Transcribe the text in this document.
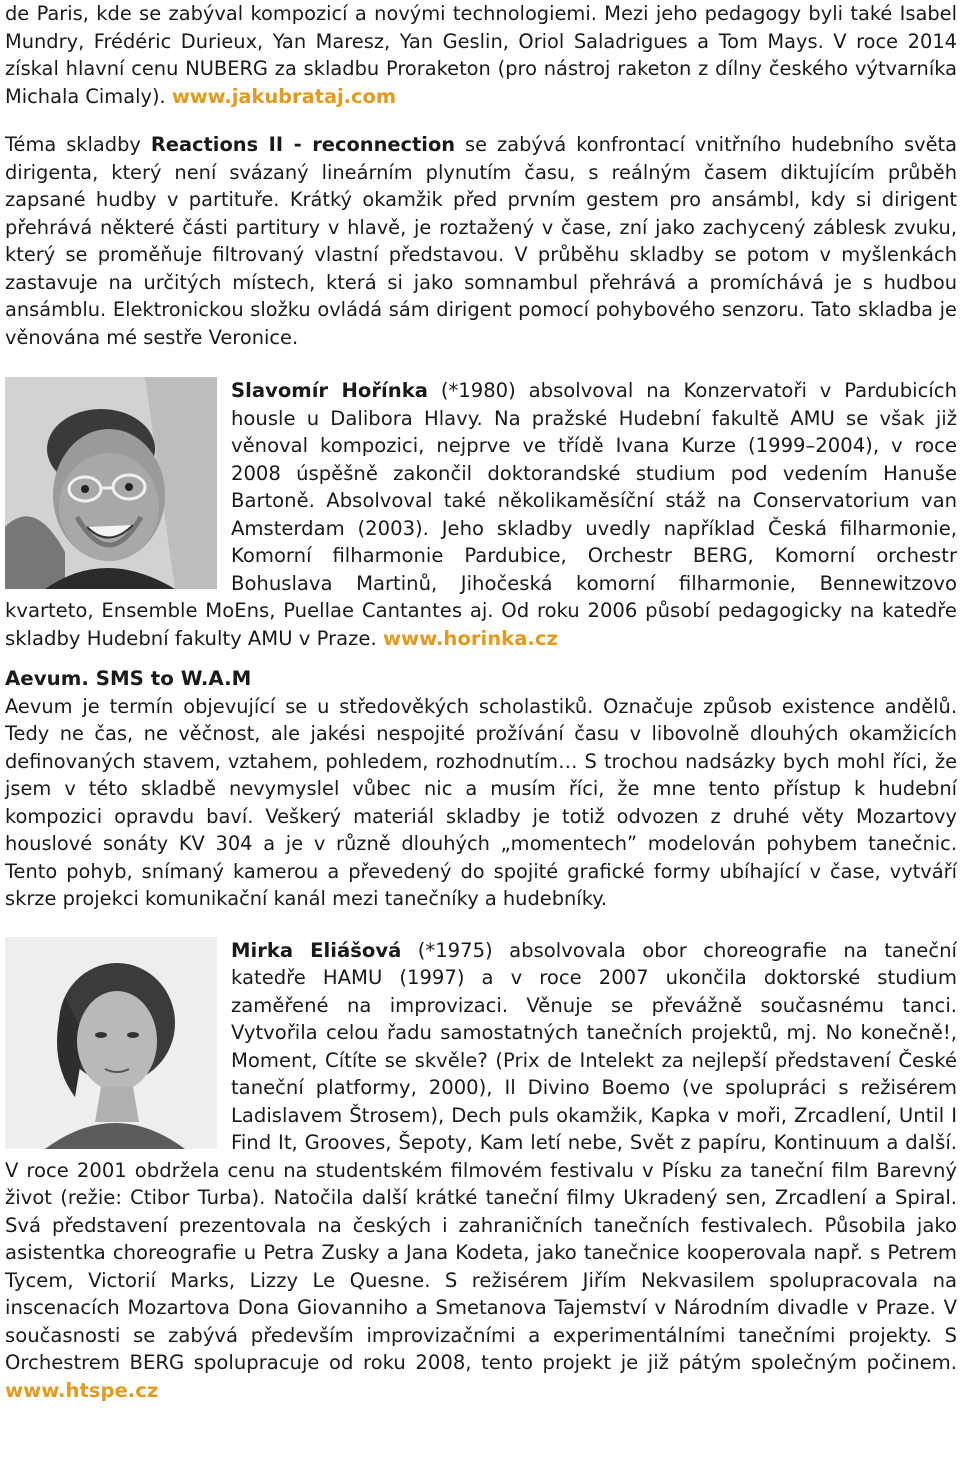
de Paris, kde se zabýval kompozicí a novými technologiemi. Mezi jeho pedagogy byli také Isabel Mundry, Frédéric Durieux, Yan Maresz, Yan Geslin, Oriol Saladrigues a Tom Mays. V roce 2014 získal hlavní cenu NUBERG za skladbu Proraketon (pro nástroj raketon z dílny českého výtvarníka Michala Cimaly). www.jakubrataj.com

Téma skladby Reactions II - reconnection se zabývá konfrontací vnitřního hudebního světa dirigenta, který není svázaný lineárním plynutím času, s reálným časem diktujícím průběh zapsané hudby v partituře. Krátký okamžik před prvním gestem pro ansámbl, kdy si dirigent přehrává některé části partitury v hlavě, je roztažený v čase, zní jako zachycený záblesk zvuku, který se proměňuje filtrovaný vlastní představou. V průběhu skladby se potom v myšlenkách zastavuje na určitých místech, která si jako somnambul přehrává a promíchává je s hudbou ansámblu. Elektronickou složku ovládá sám dirigent pomocí pohybového senzoru. Tato skladba je věnována mé sestře Veronice.

Slavomír Hořínka (*1980) absolvoval na Konzervatoři v Pardubicích housle u Dalibora Hlavy. Na pražské Hudební fakultě AMU se však již věnoval kompozici, nejprve ve třídě Ivana Kurze (1999–2004), v roce 2008 úspěšně zakončil doktorandské studium pod vedením Hanuše Bartoně. Absolvoval také několikaměsíční stáž na Conservatorium van Amsterdam (2003). Jeho skladby uvedly například Česká filharmonie, Komorní filharmonie Pardubice, Orchestr BERG, Komorní orchestr Bohuslava Martinů, Jihočeská komorní filharmonie, Bennewitzovo kvarteto, Ensemble MoEns, Puellae Cantantes aj. Od roku 2006 působí pedagogicky na katedře skladby Hudební fakulty AMU v Praze. www.horinka.cz

Aevum. SMS to W.A.M

Aevum je termín objevující se u středověkých scholastiků. Označuje způsob existence andělů. Tedy ne čas, ne věčnost, ale jakési nespojité prožívání času v libovolně dlouhých okamžicích definovaných stavem, vztahem, pohledem, rozhodnutím… S trochou nadsázky bych mohl říci, že jsem v této skladbě nevymyslel vůbec nic a musím říci, že mne tento přístup k hudební kompozici opravdu baví. Veškerý materiál skladby je totiž odvozen z druhé věty Mozartovy houslové sonáty KV 304 a je v různě dlouhých „momentech” modelován pohybem tanečnic. Tento pohyb, snímaný kamerou a převedený do spojité grafické formy ubíhající v čase, vytváří skrze projekci komunikační kanál mezi tanečníky a hudebníky.

Mirka Eliášová (*1975) absolvovala obor choreografie na taneční katedře HAMU (1997) a v roce 2007 ukončila doktorské studium zaměřené na improvizaci. Věnuje se převážně současnému tanci. Vytvořila celou řadu samostatných tanečních projektů, mj. No konečně!, Moment, Cítíte se skvěle? (Prix de Intelekt za nejlepší představení České taneční platformy, 2000), Il Divino Boemo (ve spolupráci s režisérem Ladislavem Štrosem), Dech puls okamžik, Kapka v moři, Zrcadlení, Until I Find It, Grooves, Šepoty, Kam letí nebe, Svět z papíru, Kontinuum a další. V roce 2001 obdržela cenu na studentském filmovém festivalu v Písku za taneční film Barevný život (režie: Ctibor Turba). Natočila další krátké taneční filmy Ukradený sen, Zrcadlení a Spiral. Svá představení prezentovala na českých i zahraničních tanečních festivalech. Působila jako asistentka choreografie u Petra Zusky a Jana Kodeta, jako tanečnice kooperovala např. s Petrem Tycem, Victorií Marks, Lizzy Le Quesne. S režisérem Jiřím Nekvasilem spolupracovala na inscenacích Mozartova Dona Giovanniho a Smetanova Tajemství v Národním divadle v Praze. V současnosti se zabývá především improvizačními a experimentálními tanečními projekty. S Orchestrem BERG spolupracuje od roku 2008, tento projekt je již pátým společným počinem. www.htspe.cz
